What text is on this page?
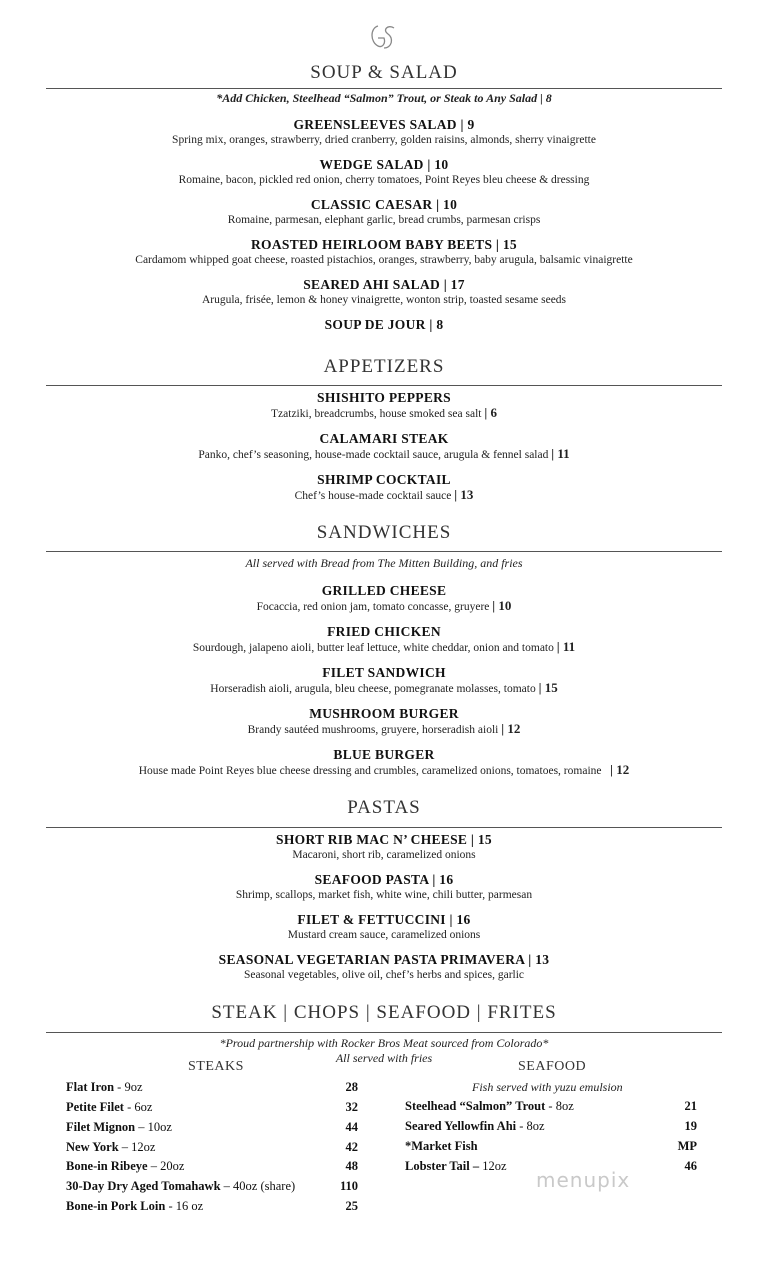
SOUP & SALAD
*Add Chicken, Steelhead “Salmon” Trout, or Steak to Any Salad | 8
GREENSLEEVES SALAD | 9
Spring mix, oranges, strawberry, dried cranberry, golden raisins, almonds, sherry vinaigrette
WEDGE SALAD | 10
Romaine, bacon, pickled red onion, cherry tomatoes, Point Reyes bleu cheese & dressing
CLASSIC CAESAR | 10
Romaine, parmesan, elephant garlic, bread crumbs, parmesan crisps
ROASTED HEIRLOOM BABY BEETS | 15
Cardamom whipped goat cheese, roasted pistachios, oranges, strawberry, baby arugula, balsamic vinaigrette
SEARED AHI SALAD | 17
Arugula, frisée, lemon & honey vinaigrette, wonton strip, toasted sesame seeds
SOUP DE JOUR | 8
APPETIZERS
SHISHITO PEPPERS
Tzatziki, breadcrumbs, house smoked sea salt | 6
CALAMARI STEAK
Panko, chef’s seasoning, house-made cocktail sauce, arugula & fennel salad | 11
SHRIMP COCKTAIL
Chef’s house-made cocktail sauce | 13
SANDWICHES
All served with Bread from The Mitten Building, and fries
GRILLED CHEESE
Focaccia, red onion jam, tomato concasse, gruyere | 10
FRIED CHICKEN
Sourdough, jalapeno aioli, butter leaf lettuce, white cheddar, onion and tomato | 11
FILET SANDWICH
Horseradish aioli, arugula, bleu cheese, pomegranate molasses, tomato | 15
MUSHROOM BURGER
Brandy sautéed mushrooms, gruyere, horseradish aioli | 12
BLUE BURGER
House made Point Reyes blue cheese dressing and crumbles, caramelized onions, tomatoes, romaine | 12
PASTAS
SHORT RIB MAC N’ CHEESE | 15
Macaroni, short rib, caramelized onions
SEAFOOD PASTA | 16
Shrimp, scallops, market fish, white wine, chili butter, parmesan
FILET & FETTUCCINI | 16
Mustard cream sauce, caramelized onions
SEASONAL VEGETARIAN PASTA PRIMAVERA | 13
Seasonal vegetables, olive oil, chef’s herbs and spices, garlic
STEAK | CHOPS | SEAFOOD | FRITES
*Proud partnership with Rocker Bros Meat sourced from Colorado*
All served with fries
STEAKS	SEAFOOD
Fish served with yuzu emulsion
Flat Iron - 9oz	28
Petite Filet - 6oz	32
Filet Mignon – 10oz	44
New York – 12oz	42
Bone-in Ribeye – 20oz	48
30-Day Dry Aged Tomahawk – 40oz (share)	110
Bone-in Pork Loin - 16 oz	25
Steelhead “Salmon” Trout - 8oz	21
Seared Yellowfin Ahi - 8oz	19
*Market Fish	MP
Lobster Tail – 12oz	46
menupix
